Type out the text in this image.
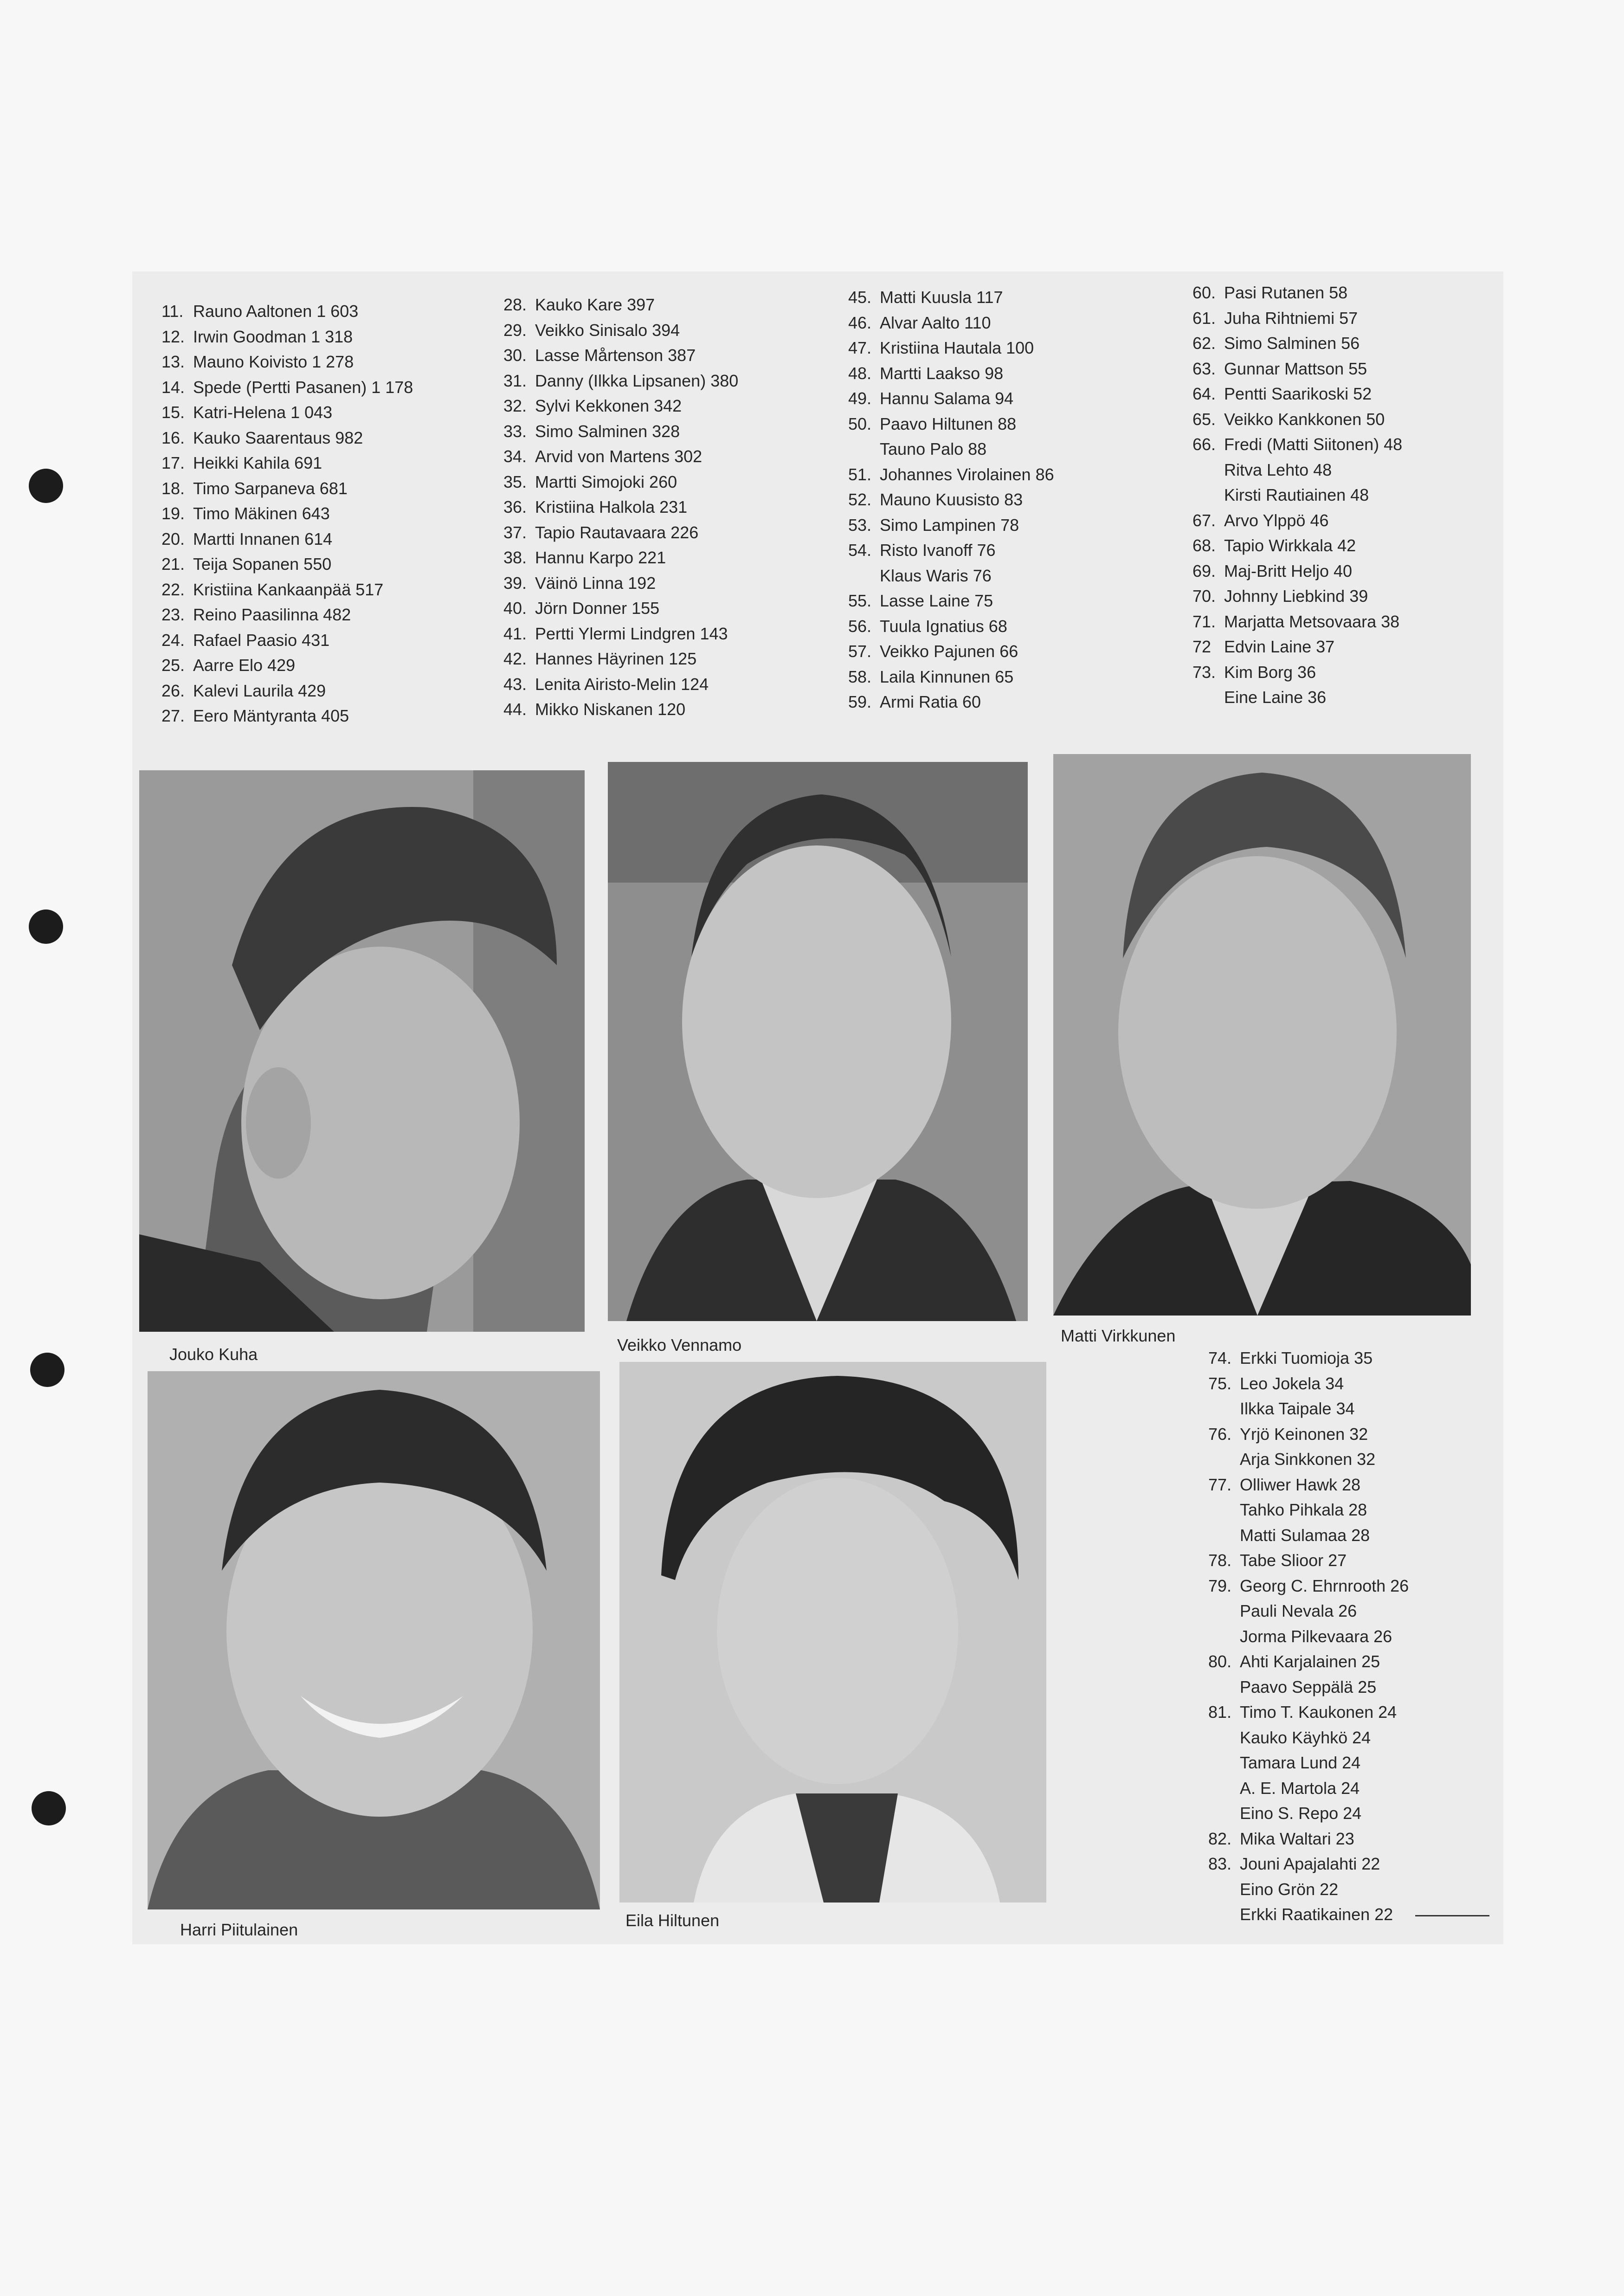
11. Rauno Aaltonen 1 603
12. Irwin Goodman 1 318
13. Mauno Koivisto 1 278
14. Spede (Pertti Pasanen) 1 178
15. Katri-Helena 1 043
16. Kauko Saarentaus 982
17. Heikki Kahila 691
18. Timo Sarpaneva 681
19. Timo Mäkinen 643
20. Martti Innanen 614
21. Teija Sopanen 550
22. Kristiina Kankaanpää 517
23. Reino Paasilinna 482
24. Rafael Paasio 431
25. Aarre Elo 429
26. Kalevi Laurila 429
27. Eero Mäntyranta 405
28. Kauko Kare 397
29. Veikko Sinisalo 394
30. Lasse Mårtenson 387
31. Danny (Ilkka Lipsanen) 380
32. Sylvi Kekkonen 342
33. Simo Salminen 328
34. Arvid von Martens 302
35. Martti Simojoki 260
36. Kristiina Halkola 231
37. Tapio Rautavaara 226
38. Hannu Karpo 221
39. Väinö Linna 192
40. Jörn Donner 155
41. Pertti Ylermi Lindgren 143
42. Hannes Häyrinen 125
43. Lenita Airisto-Melin 124
44. Mikko Niskanen 120
45. Matti Kuusla 117
46. Alvar Aalto 110
47. Kristiina Hautala 100
48. Martti Laakso 98
49. Hannu Salama 94
50. Paavo Hiltunen 88
Tauno Palo 88
51. Johannes Virolainen 86
52. Mauno Kuusisto 83
53. Simo Lampinen 78
54. Risto Ivanoff 76
Klaus Waris 76
55. Lasse Laine 75
56. Tuula Ignatius 68
57. Veikko Pajunen 66
58. Laila Kinnunen 65
59. Armi Ratia 60
60. Pasi Rutanen 58
61. Juha Rihtniemi 57
62. Simo Salminen 56
63. Gunnar Mattson 55
64. Pentti Saarikoski 52
65. Veikko Kankkonen 50
66. Fredi (Matti Siitonen) 48
Ritva Lehto 48
Kirsti Rautiainen 48
67. Arvo Ylppö 46
68. Tapio Wirkkala 42
69. Maj-Britt Heljo 40
70. Johnny Liebkind 39
71. Marjatta Metsovaara 38
72 Edvin Laine 37
73. Kim Borg 36
Eine Laine 36
74. Erkki Tuomioja 35
75. Leo Jokela 34
Ilkka Taipale 34
76. Yrjö Keinonen 32
Arja Sinkkonen 32
77. Olliwer Hawk 28
Tahko Pihkala 28
Matti Sulamaa 28
78. Tabe Slioor 27
79. Georg C. Ehrnrooth 26
Pauli Nevala 26
Jorma Pilkevaara 26
80. Ahti Karjalainen 25
Paavo Seppälä 25
81. Timo T. Kaukonen 24
Kauko Käyhkö 24
Tamara Lund 24
A. E. Martola 24
Eino S. Repo 24
82. Mika Waltari 23
83. Jouni Apajalahti 22
Eino Grön 22
Erkki Raatikainen 22
Jouko Kuha	Veikko Vennamo	Matti Virkkunen
Harri Piitulainen	Eila Hiltunen
